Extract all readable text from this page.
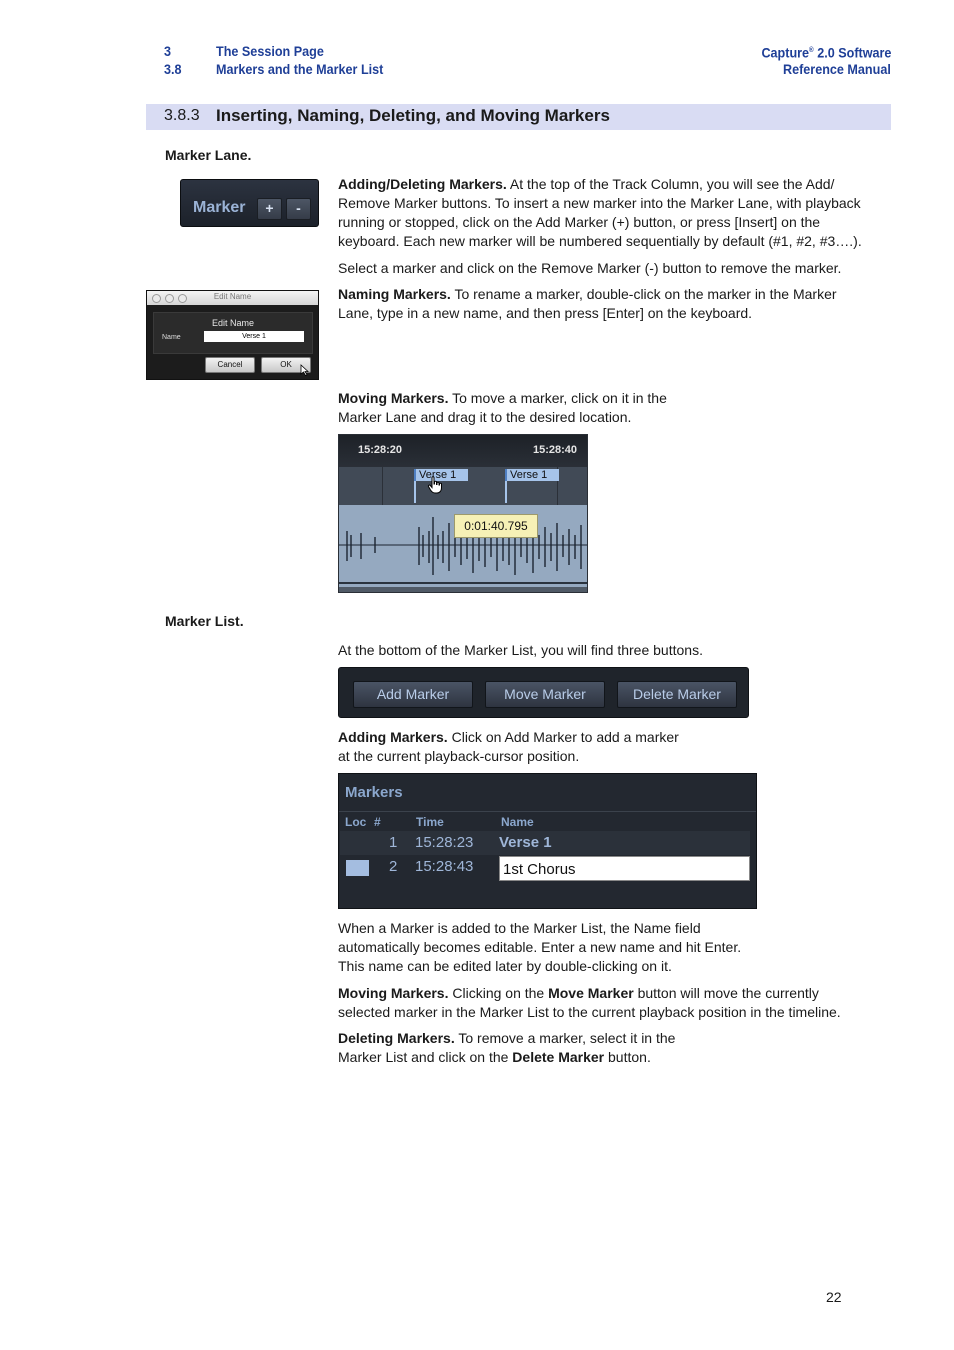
3	The Session Page
3.8 Markers and the Marker List
Capture® 2.0 Software
Reference Manual
3.8.3 Inserting, Naming, Deleting, and Moving Markers
Marker Lane.
Marker	+	-
Adding/Deleting Markers. At the top of the Track Column, you will see the Add/
Remove Marker buttons. To insert a new marker into the Marker Lane, with playback
running or stopped, click on the Add Marker (+) button, or press [Insert] on the
keyboard. Each new marker will be numbered sequentially by default (#1, #2, #3….).
Select a marker and click on the Remove Marker (-) button to remove the marker.
Edit Name
Edit Name
Name	Verse 1
Cancel	OK
Naming Markers. To rename a marker, double-click on the marker in the Marker
Lane, type in a new name, and then press [Enter] on the keyboard.
Moving Markers. To move a marker, click on it in the
Marker Lane and drag it to the desired location.
15:28:20	15:28:40
Verse 1	Verse 1
0:01:40.795
Marker List.
At the bottom of the Marker List, you will find three buttons.
Add Marker	Move Marker	Delete Marker
Adding Markers. Click on Add Marker to add a marker
at the current playback-cursor position.
Markers
Loc #	Time	Name
1 15:28:23 Verse 1
2 15:28:43 1st Chorus
When a Marker is added to the Marker List, the Name field
automatically becomes editable. Enter a new name and hit Enter.
This name can be edited later by double-clicking on it.
Moving Markers. Clicking on the Move Marker button will move the currently
selected marker in the Marker List to the current playback position in the timeline.
Deleting Markers. To remove a marker, select it in the
Marker List and click on the Delete Marker button.
22
